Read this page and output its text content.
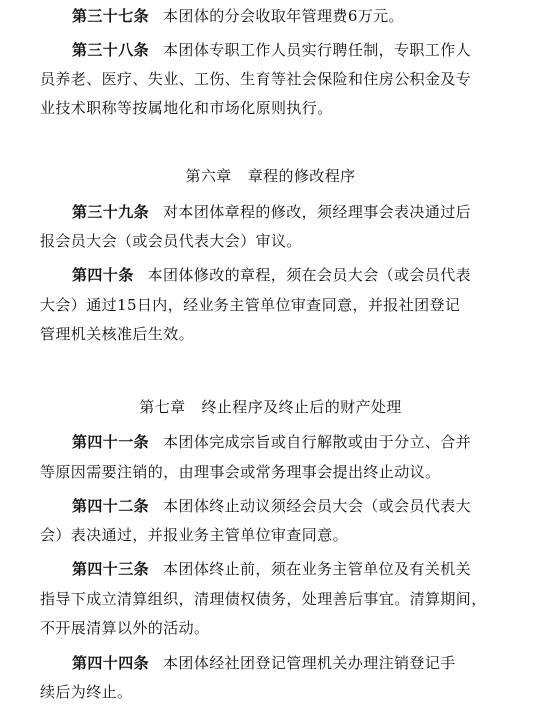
第三十七条 本团体的分会收取年管理费6万元。
第三十八条 本团体专职工作人员实行聘任制，专职工作人
员养老、医疗、失业、工伤、生育等社会保险和住房公积金及专
业技术职称等按属地化和市场化原则执行。
第六章 章程的修改程序
第三十九条 对本团体章程的修改，须经理事会表决通过后
报会员大会（或会员代表大会）审议。
第四十条 本团体修改的章程，须在会员大会（或会员代表
大会）通过15日内，经业务主管单位审查同意，并报社团登记
管理机关核准后生效。
第七章 终止程序及终止后的财产处理
第四十一条 本团体完成宗旨或自行解散或由于分立、合并
等原因需要注销的，由理事会或常务理事会提出终止动议。
第四十二条 本团体终止动议须经会员大会（或会员代表大
会）表决通过，并报业务主管单位审查同意。
第四十三条 本团体终止前，须在业务主管单位及有关机关
指导下成立清算组织，清理债权债务，处理善后事宜。清算期间，
不开展清算以外的活动。
第四十四条 本团体经社团登记管理机关办理注销登记手
续后为终止。
